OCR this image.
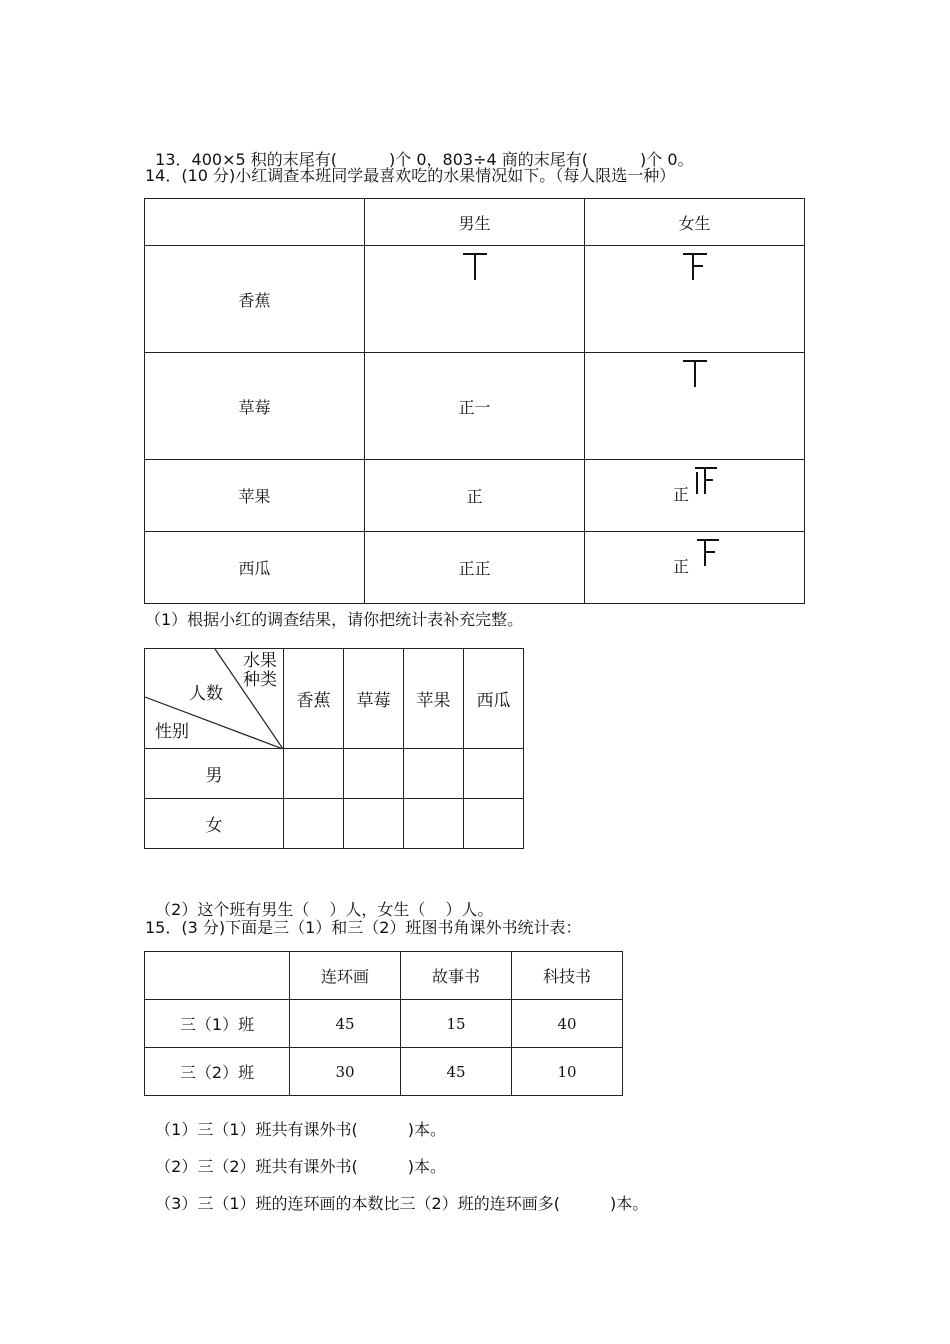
13．400×5 积的末尾有(	)个 0，803÷4 商的末尾有(	)个 0。

14．(10 分)小红调查本班同学最喜欢吃的水果情况如下。（每人限选一种）
	男生	女生
香蕉	

草莓	正一	

苹果	正	正

西瓜	正正	正
（1）根据小红的调查结果，请你把统计表补充完整。
水果
种类
人数
性别	香蕉	草莓	苹果	西瓜
男				
女				

（2）这个班有男生（ ）人，女生（ ）人。

15．(3 分)下面是三（1）和三（2）班图书角课外书统计表：
	连环画	故事书	科技书
三（1）班	45	15	40
三（2）班	30	45	10

（1）三（1）班共有课外书(	)本。

（2）三（2）班共有课外书(	)本。

（3）三（1）班的连环画的本数比三（2）班的连环画多(	)本。
